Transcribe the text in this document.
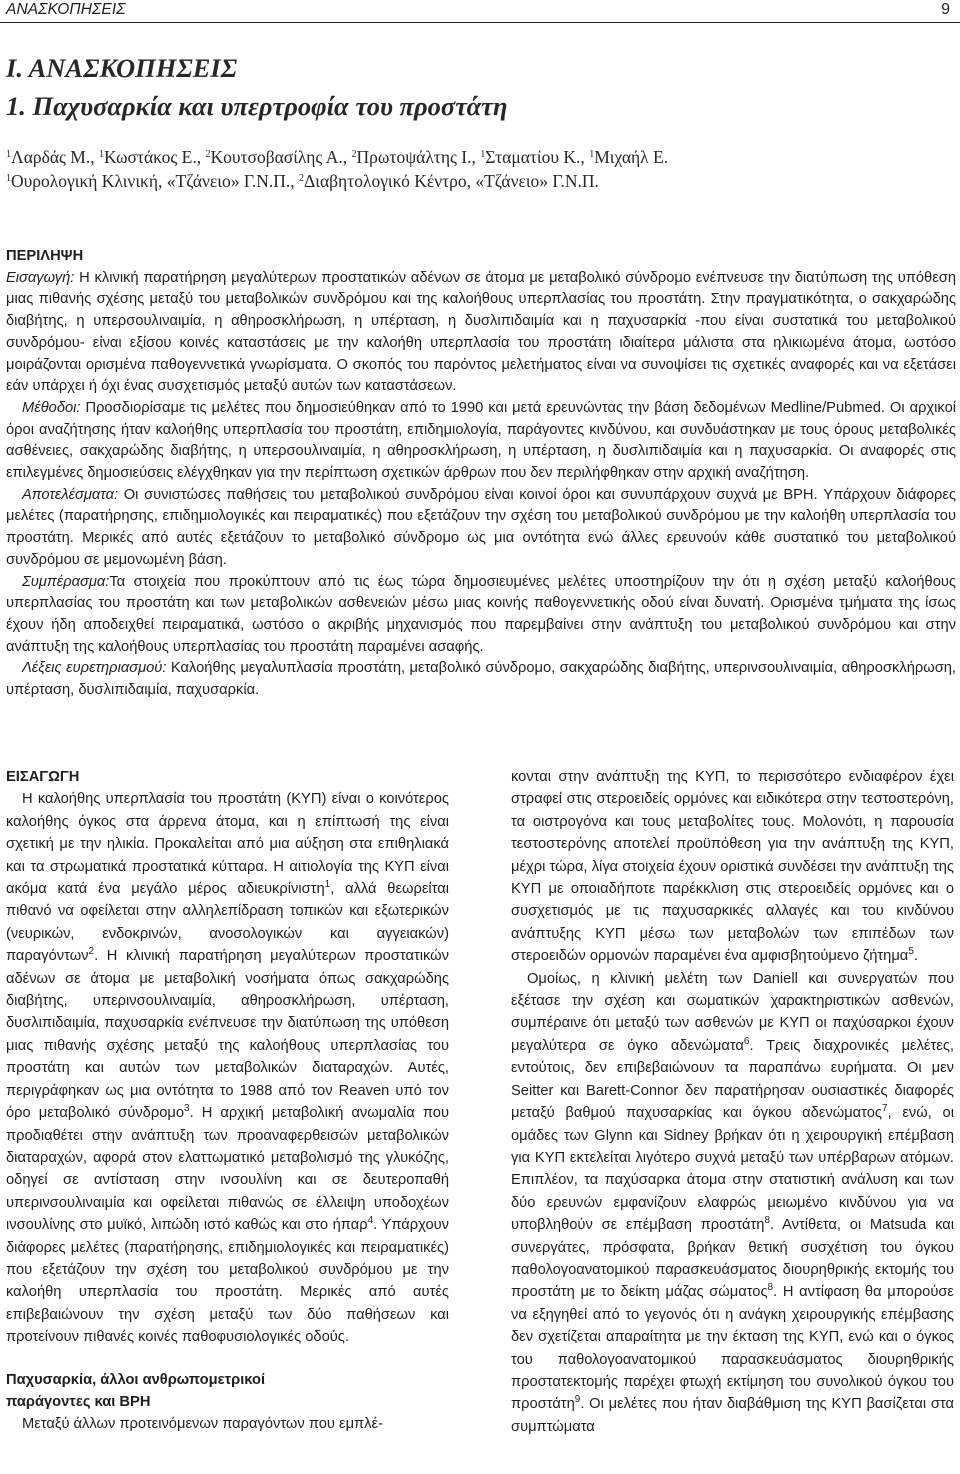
ΑΝΑΣΚΟΠΗΣΕΙΣ	9
Ι. ΑΝΑΣΚΟΠΗΣΕΙΣ
1. Παχυσαρκία και υπερτροφία του προστάτη
$^1$Λαρδάς Μ., $^1$Κωστάκος Ε., $^2$Κουτσοβασίλης Α., $^2$Πρωτοψάλτης Ι., $^1$Σταματίου Κ., $^1$Μιχαήλ Ε.
$^1$Ουρολογική Κλινική, «Τζάνειο» Γ.Ν.Π., $^2$Διαβητολογικό Κέντρο, «Τζάνειο» Γ.Ν.Π.
ΠΕΡΙΛΗΨΗ

Εισαγωγή: Η κλινική παρατήρηση μεγαλύτερων προστατικών αδένων σε άτομα με μεταβολικό σύνδρομο ενέπνευσε την διατύπωση της υπόθεση μιας πιθανής σχέσης μεταξύ του μεταβολικών συνδρόμου και της καλοήθους υπερπλασίας του προστάτη. Στην πραγματικότητα, ο σακχαρώδης διαβήτης, η υπερσουλιναιμία, η αθηροσκλήρωση, η υπέρταση, η δυσλιπιδαιμία και η παχυσαρκία -που είναι συστατικά του μεταβολικού συνδρόμου- είναι εξίσου κοινές καταστάσεις με την καλοήθη υπερπλασία του προστάτη ιδιαίτερα μάλιστα στα ηλικιωμένα άτομα, ωστόσο μοιράζονται ορισμένα παθογεννετικά γνωρίσματα. Ο σκοπός του παρόντος μελετήματος είναι να συνοψίσει τις σχετικές αναφορές και να εξετάσει εάν υπάρχει ή όχι ένας συσχετισμός μεταξύ αυτών των καταστάσεων.

Μέθοδοι: Προσδιορίσαμε τις μελέτες που δημοσιεύθηκαν από το 1990 και μετά ερευνώντας την βάση δεδομένων Medline/Pubmed. Οι αρχικοί όροι αναζήτησης ήταν καλοήθης υπερπλασία του προστάτη, επιδημιολογία, παράγοντες κινδύνου, και συνδυάστηκαν με τους όρους μεταβολικές ασθένειες, σακχαρώδης διαβήτης, η υπερσουλιναιμία, η αθηροσκλήρωση, η υπέρταση, η δυσλιπιδαιμία και η παχυσαρκία. Οι αναφορές στις επιλεγμένες δημοσιεύσεις ελέγχθηκαν για την περίπτωση σχετικών άρθρων που δεν περιλήφθηκαν στην αρχική αναζήτηση.

Αποτελέσματα: Οι συνιστώσες παθήσεις του μεταβολικού συνδρόμου είναι κοινοί όροι και συνυπάρχουν συχνά με BPH. Υπάρχουν διάφορες μελέτες (παρατήρησης, επιδημιολογικές και πειραματικές) που εξετάζουν την σχέση του μεταβολικού συνδρόμου με την καλοήθη υπερπλασία του προστάτη. Μερικές από αυτές εξετάζουν το μεταβολικό σύνδρομο ως μια οντότητα ενώ άλλες ερευνούν κάθε συστατικό του μεταβολικού συνδρόμου σε μεμονωμένη βάση.

Συμπέρασμα:Τα στοιχεία που προκύπτουν από τις έως τώρα δημοσιευμένες μελέτες υποστηρίζουν την ότι η σχέση μεταξύ καλοήθους υπερπλασίας του προστάτη και των μεταβολικών ασθενειών μέσω μιας κοινής παθογεννετικής οδού είναι δυνατή. Ορισμένα τμήματα της ίσως έχουν ήδη αποδειχθεί πειραματικά, ωστόσο ο ακριβής μηχανισμός που παρεμβαίνει στην ανάπτυξη του μεταβολικού συνδρόμου και στην ανάπτυξη της καλοήθους υπερπλασίας του προστάτη παραμένει ασαφής.

Λέξεις ευρετηριασμού: Καλοήθης μεγαλυπλασία προστάτη, μεταβολικό σύνδρομο, σακχαρώδης διαβήτης, υπερινσουλιναιμία, αθηροσκλήρωση, υπέρταση, δυσλιπιδαιμία, παχυσαρκία.

ΕΙΣΑΓΩΓΗ

Η καλοήθης υπερπλασία του προστάτη (ΚΥΠ) είναι ο κοινότερος καλοήθης όγκος στα άρρενα άτομα, και η επίπτωσή της είναι σχετική με την ηλικία. Προκαλείται από μια αύξηση στα επιθηλιακά και τα στρωματικά προστατικά κύτταρα. Η αιτιολογία της ΚΥΠ είναι ακόμα κατά ένα μεγάλο μέρος αδιευκρίνιστη$^1$, αλλά θεωρείται πιθανό να οφείλεται στην αλληλεπίδραση τοπικών και εξωτερικών (νευρικών, ενδοκρινών, ανοσολογικών και αγγειακών) παραγόντων$^2$. Η κλινική παρατήρηση μεγαλύτερων προστατικών αδένων σε άτομα με μεταβολική νοσήματα όπως σακχαρώδης διαβήτης, υπερινσουλιναιμία, αθηροσκλήρωση, υπέρταση, δυσλιπιδαιμία, παχυσαρκία ενέπνευσε την διατύπωση της υπόθεση μιας πιθανής σχέσης μεταξύ της καλοήθους υπερπλασίας του προστάτη και αυτών των μεταβολικών διαταραχών. Αυτές, περιγράφηκαν ως μια οντότητα το 1988 από τον Reaven υπό τον όρο μεταβολικό σύνδρομο$^3$. Η αρχική μεταβολική ανωμαλία που προδιαθέτει στην ανάπτυξη των προαναφερθεισών μεταβολικών διαταραχών, αφορά στον ελαττωματικό μεταβολισμό της γλυκόζης, οδηγεί σε αντίσταση στην ινσουλίνη και σε δευτεροπαθή υπερινσουλιναιμία και οφείλεται πιθανώς σε έλλειψη υποδοχέων ινσουλίνης στο μυϊκό, λιπώδη ιστό καθώς και στο ήπαρ$^4$. Υπάρχουν διάφορες μελέτες (παρατήρησης, επιδημιολογικές και πειραματικές) που εξετάζουν την σχέση του μεταβολικού συνδρόμου με την καλοήθη υπερπλασία του προστάτη. Μερικές από αυτές επιβεβαιώνουν την σχέση μεταξύ των δύο παθήσεων και προτείνουν πιθανές κοινές παθοφυσιολογικές οδούς.

Παχυσαρκία, άλλοι ανθρωπομετρικοί
παράγοντες και BPH

Μεταξύ άλλων προτεινόμενων παραγόντων που εμπλέ-

κονται στην ανάπτυξη της ΚΥΠ, το περισσότερο ενδιαφέρον έχει στραφεί στις στεροειδείς ορμόνες και ειδικότερα στην τεστοστερόνη, τα οιστρογόνα και τους μεταβολίτες τους. Μολονότι, η παρουσία τεστοστερόνης αποτελεί προϋπόθεση για την ανάπτυξη της ΚΥΠ, μέχρι τώρα, λίγα στοιχεία έχουν οριστικά συνδέσει την ανάπτυξη της ΚΥΠ με οποιαδήποτε παρέκκλιση στις στεροειδείς ορμόνες και ο συσχετισμός με τις παχυσαρκικές αλλαγές και του κινδύνου ανάπτυξης ΚΥΠ μέσω των μεταβολών των επιπέδων των στεροειδών ορμονών παραμένει ένα αμφισβητούμενο ζήτημα$^5$.

Ομοίως, η κλινική μελέτη των Daniell και συνεργατών που εξέτασε την σχέση και σωματικών χαρακτηριστικών ασθενών, συμπέραινε ότι μεταξύ των ασθενών με ΚΥΠ οι παχύσαρκοι έχουν μεγαλύτερα σε όγκο αδενώματα$^6$. Τρεις διαχρονικές μελέτες, εντούτοις, δεν επιβεβαιώνουν τα παραπάνω ευρήματα. Οι μεν Seitter και Barett-Connor δεν παρατήρησαν ουσιαστικές διαφορές μεταξύ βαθμού παχυσαρκίας και όγκου αδενώματος$^7$, ενώ, οι ομάδες των Glynn και Sidney βρήκαν ότι η χειρουργική επέμβαση για ΚΥΠ εκτελείται λιγότερο συχνά μεταξύ των υπέρβαρων ατόμων. Επιπλέον, τα παχύσαρκα άτομα στην στατιστική ανάλυση και των δύο ερευνών εμφανίζουν ελαφρώς μειωμένο κινδύνου για να υποβληθούν σε επέμβαση προστάτη$^8$. Αντίθετα, οι Matsuda και συνεργάτες, πρόσφατα, βρήκαν θετική συσχέτιση του όγκου παθολογοανατομικού παρασκευάσματος διουρηθρικής εκτομής του προστάτη με το δείκτη μάζας σώματος$^8$. Η αντίφαση θα μπορούσε να εξηγηθεί από το γεγονός ότι η ανάγκη χειρουργικής επέμβασης δεν σχετίζεται απαραίτητα με την έκταση της ΚΥΠ, ενώ και ο όγκος του παθολογοανατομικού παρασκευάσματος διουρηθρικής προστατεκτομής παρέχει φτωχή εκτίμηση του συνολικού όγκου του προστάτη$^9$. Οι μελέτες που ήταν διαβάθμιση της ΚΥΠ βασίζεται στα συμπτώματα
